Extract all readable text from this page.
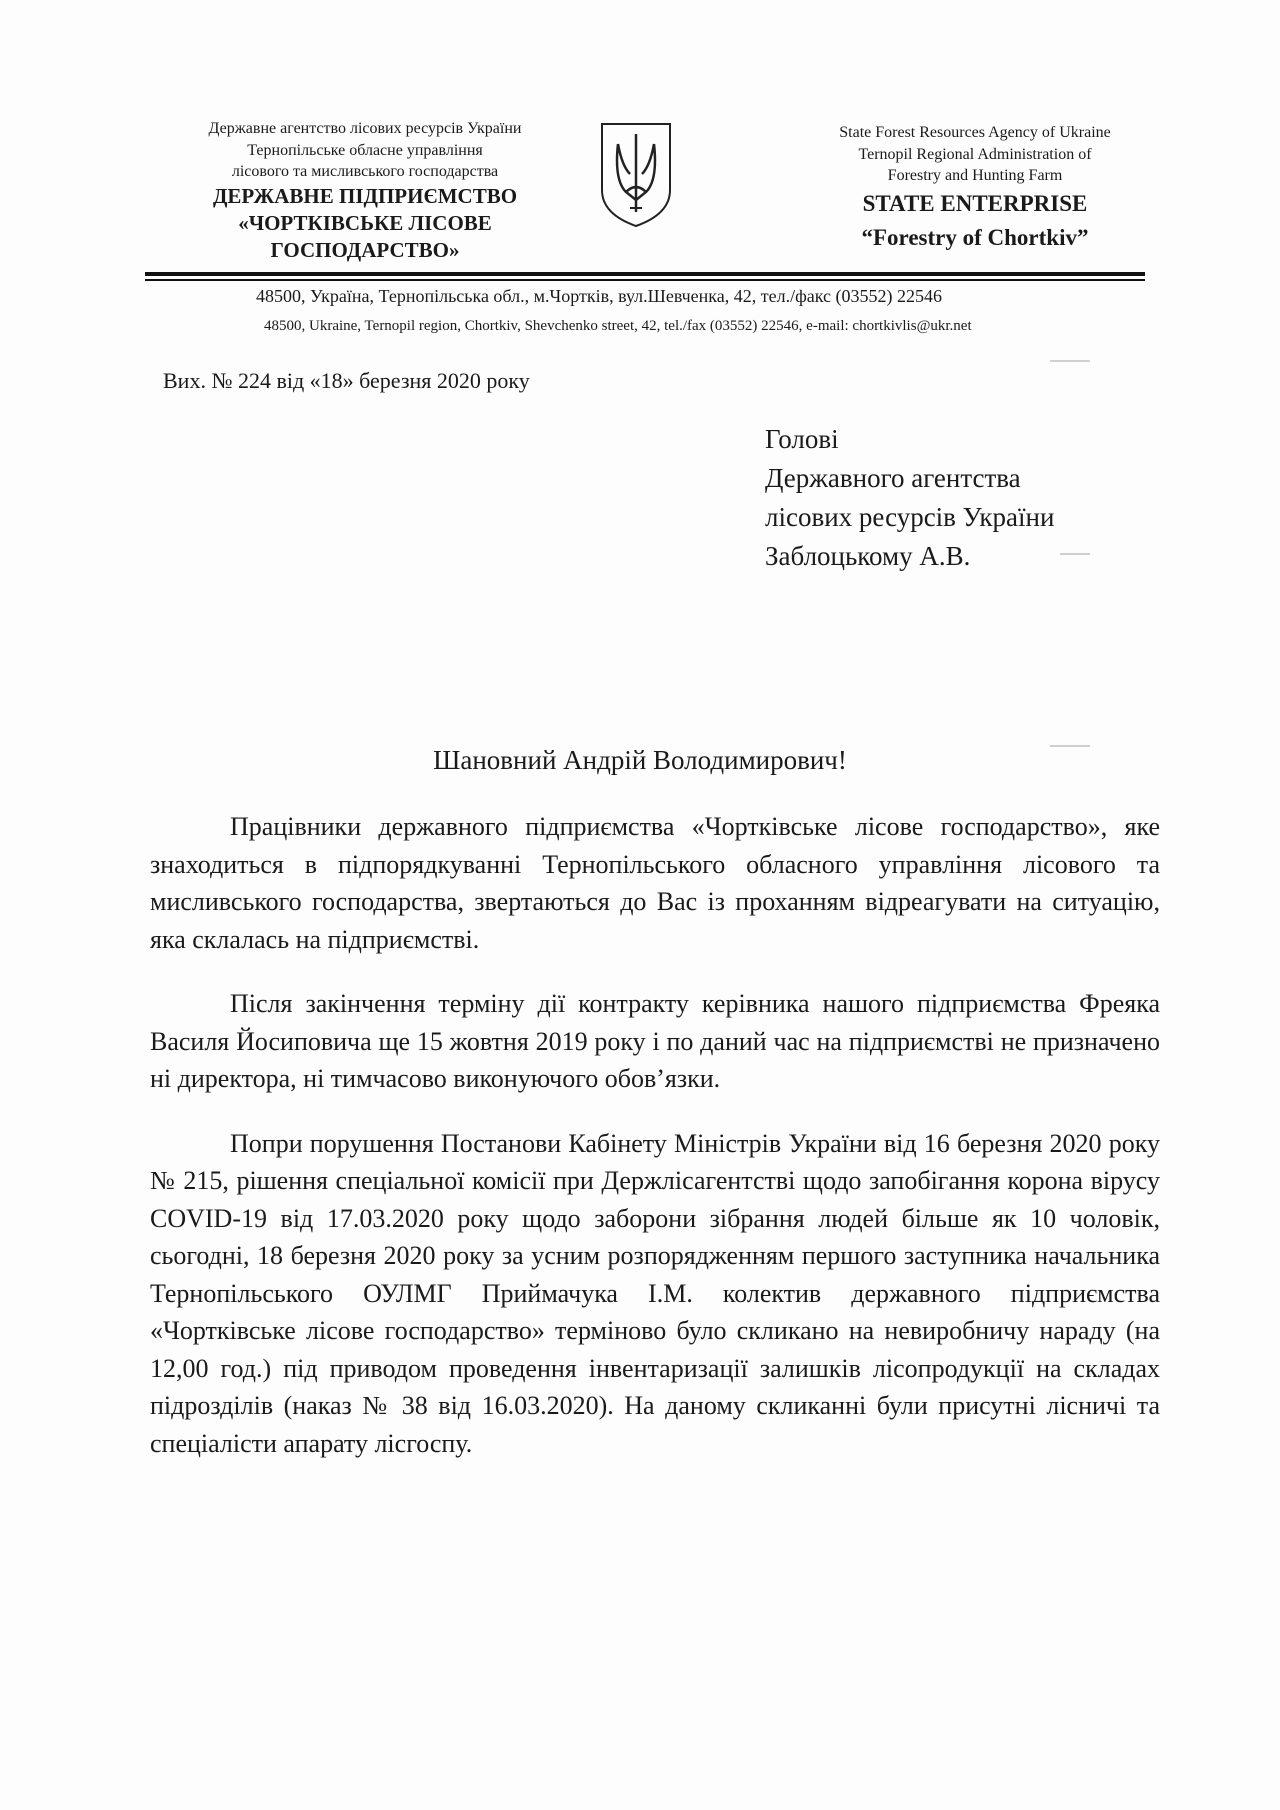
Державне агентство лісових ресурсів України
Тернопільське обласне управління
лісового та мисливського господарства
ДЕРЖАВНЕ ПІДПРИЄМСТВО
«ЧОРТКІВСЬКЕ ЛІСОВЕ
ГОСПОДАРСТВО»
State Forest Resources Agency of Ukraine
Ternopil Regional Administration of
Forestry and Hunting Farm
STATE ENTERPRISE
“Forestry of Chortkiv”
48500, Україна, Тернопільська обл., м.Чортків, вул.Шевченка, 42, тел./факс (03552) 22546
48500, Ukraine, Ternopil region, Chortkiv, Shevchenko street, 42, tel./fax (03552) 22546, e-mail: chortkivlis@ukr.net
Вих. № 224 від «18» березня 2020 року
Голові
Державного агентства
лісових ресурсів України
Заблоцькому А.В.
Шановний Андрій Володимирович!

Працівники державного підприємства «Чортківське лісове господарство», яке знаходиться в підпорядкуванні Тернопільського обласного управління лісового та мисливського господарства, звертаються до Вас із проханням відреагувати на ситуацію, яка склалась на підприємстві.

Після закінчення терміну дії контракту керівника нашого підприємства Фреяка Василя Йосиповича ще 15 жовтня 2019 року і по даний час на підприємстві не призначено ні директора, ні тимчасово виконуючого обов’язки.

Попри порушення Постанови Кабінету Міністрів України від 16 березня 2020 року № 215, рішення спеціальної комісії при Держлісагентстві щодо запобігання корона вірусу COVID-19 від 17.03.2020 року щодо заборони зібрання людей більше як 10 чоловік, сьогодні, 18 березня 2020 року за усним розпорядженням першого заступника начальника Тернопільського ОУЛМГ Приймачука І.М. колектив державного підприємства «Чортківське лісове господарство» терміново було скликано на невиробничу нараду (на 12,00 год.) під приводом проведення інвентаризації залишків лісопродукції на складах підрозділів (наказ № 38 від 16.03.2020). На даному скликанні були присутні лісничі та спеціалісти апарату лісгоспу.
